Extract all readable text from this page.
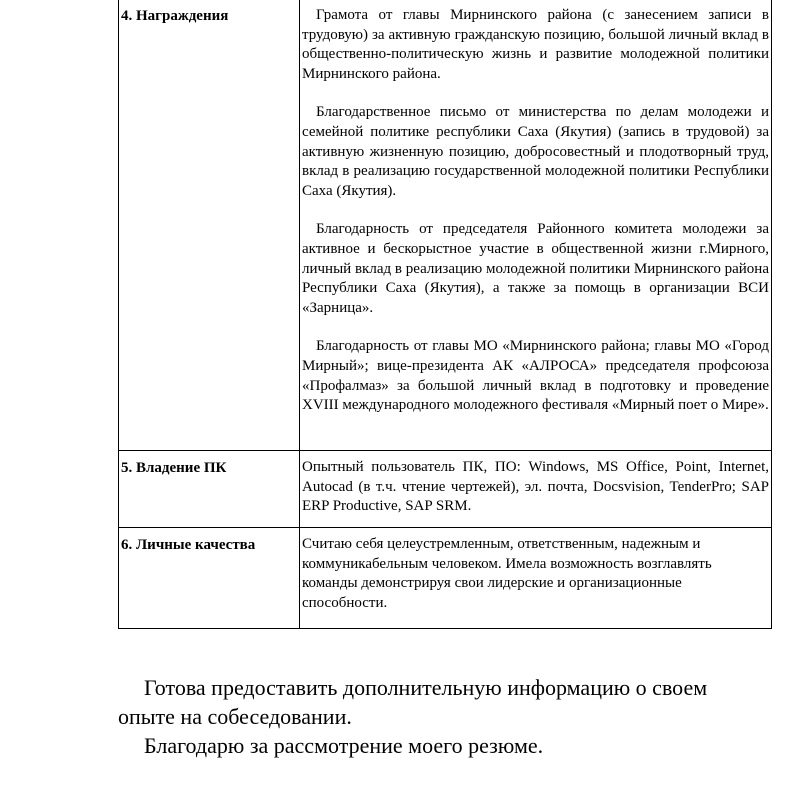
4. Награждения	Грамота от главы Мирнинского района (с занесением записи в трудовую) за активную гражданскую позицию, большой личный вклад в общественно-политическую жизнь и развитие молодежной политики Мирнинского района.

Благодарственное письмо от министерства по делам молодежи и семейной политике республики Саха (Якутия) (запись в трудовой) за активную жизненную позицию, добросовестный и плодотворный труд, вклад в реализацию государственной молодежной политики Республики Саха (Якутия).

Благодарность от председателя Районного комитета молодежи за активное и бескорыстное участие в общественной жизни г.Мирного, личный вклад в реализацию молодежной политики Мирнинского района Республики Саха (Якутия), а также за помощь в организации ВСИ «Зарница».

Благодарность от главы МО «Мирнинского района; главы МО «Город Мирный»; вице-президента АК «АЛРОСА» председателя профсоюза «Профалмаз» за большой личный вклад в подготовку и проведение XVIII международного молодежного фестиваля «Мирный поет о Мире».

5. Владение ПК	Опытный пользователь ПК, ПО: Windows, MS Office, Point, Internet, Autocad (в т.ч. чтение чертежей), эл. почта, Docsvision, TenderPro; SAP ERP Productive, SAP SRM.

6. Личные качества	Считаю себя целеустремленным, ответственным, надежным и коммуникабельным человеком. Имела возможность возглавлять команды демонстрируя свои лидерские и организационные способности.

Готова предоставить дополнительную информацию о своем опыте на собеседовании.

Благодарю за рассмотрение моего резюме.
